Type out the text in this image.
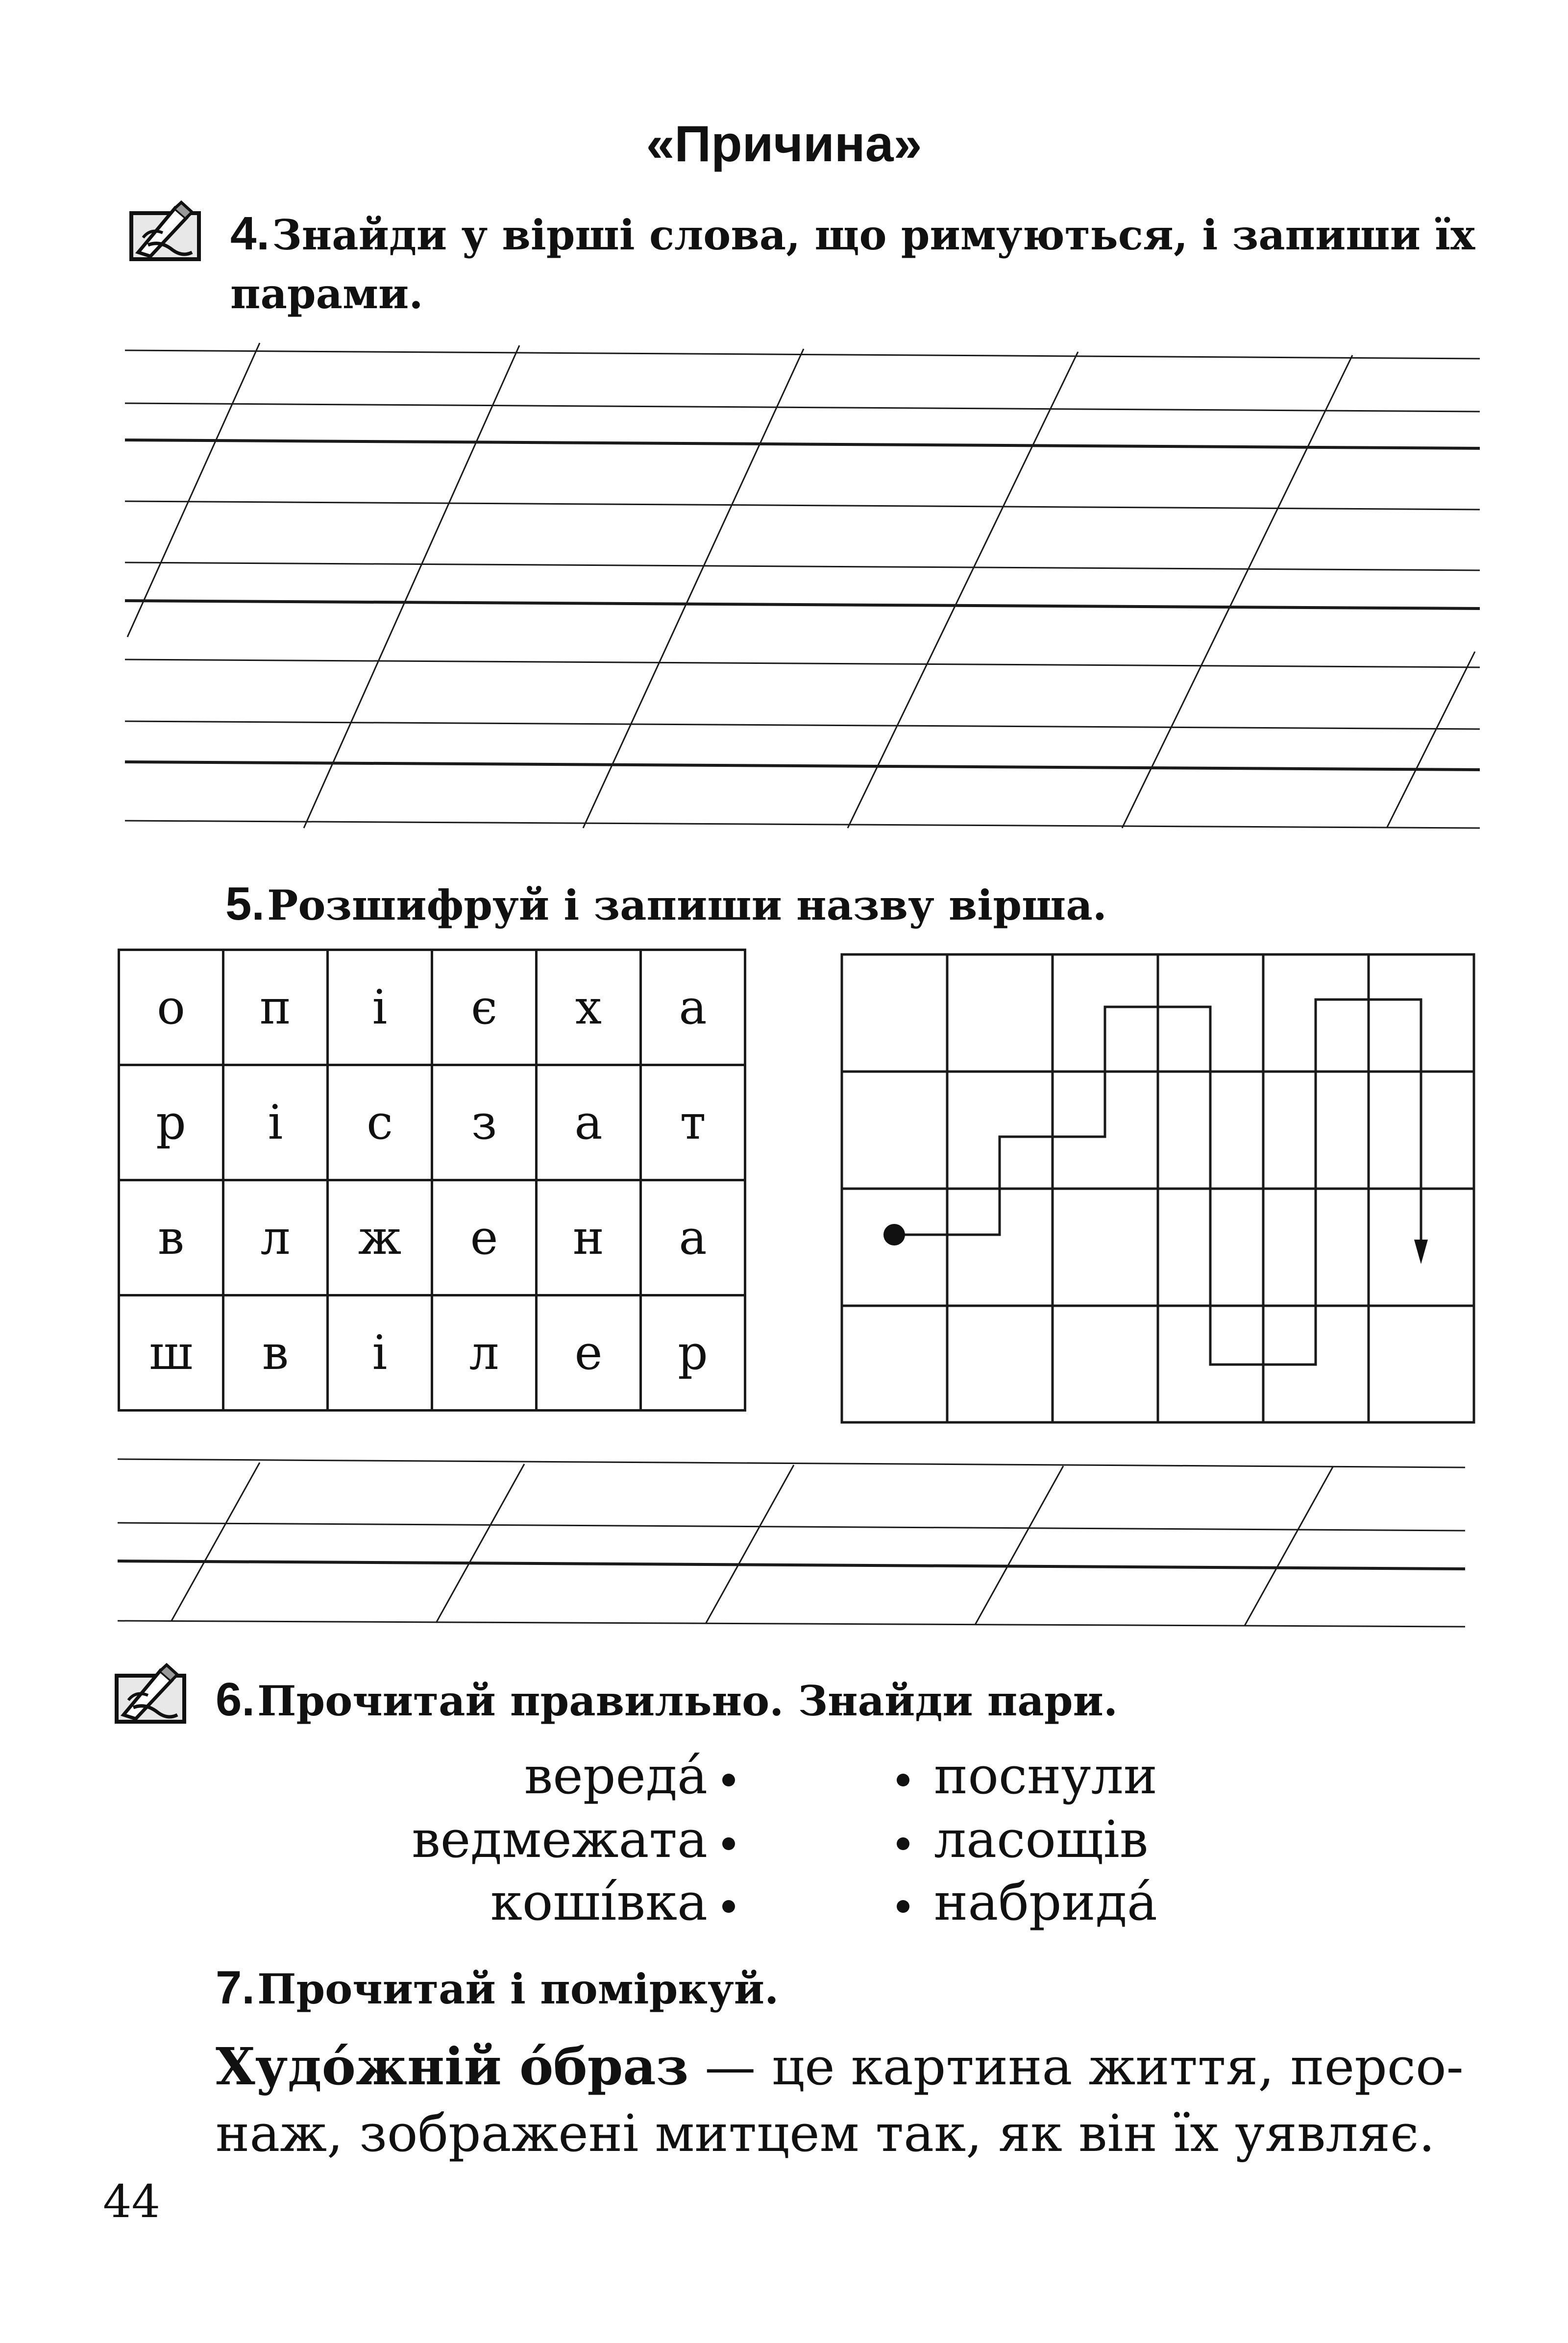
«Причина»
4. Знайди у вірші слова, що римуються, і запиши їх парами.
5. Розшифруй і запиши назву вірша.
о	п	і	є	х	а
р	і	с	з	а	т
в	л	ж	е	н	а
ш	в	і	л	е	р
6. Прочитай правильно. Знайди пари.
вереда́
ведмежата
коші́вка
поснули
ласощів
набрида́
7. Прочитай і поміркуй.
Худо́жній о́браз — це картина життя, персо-
наж, зображені митцем так, як він їх уявляє.
44
